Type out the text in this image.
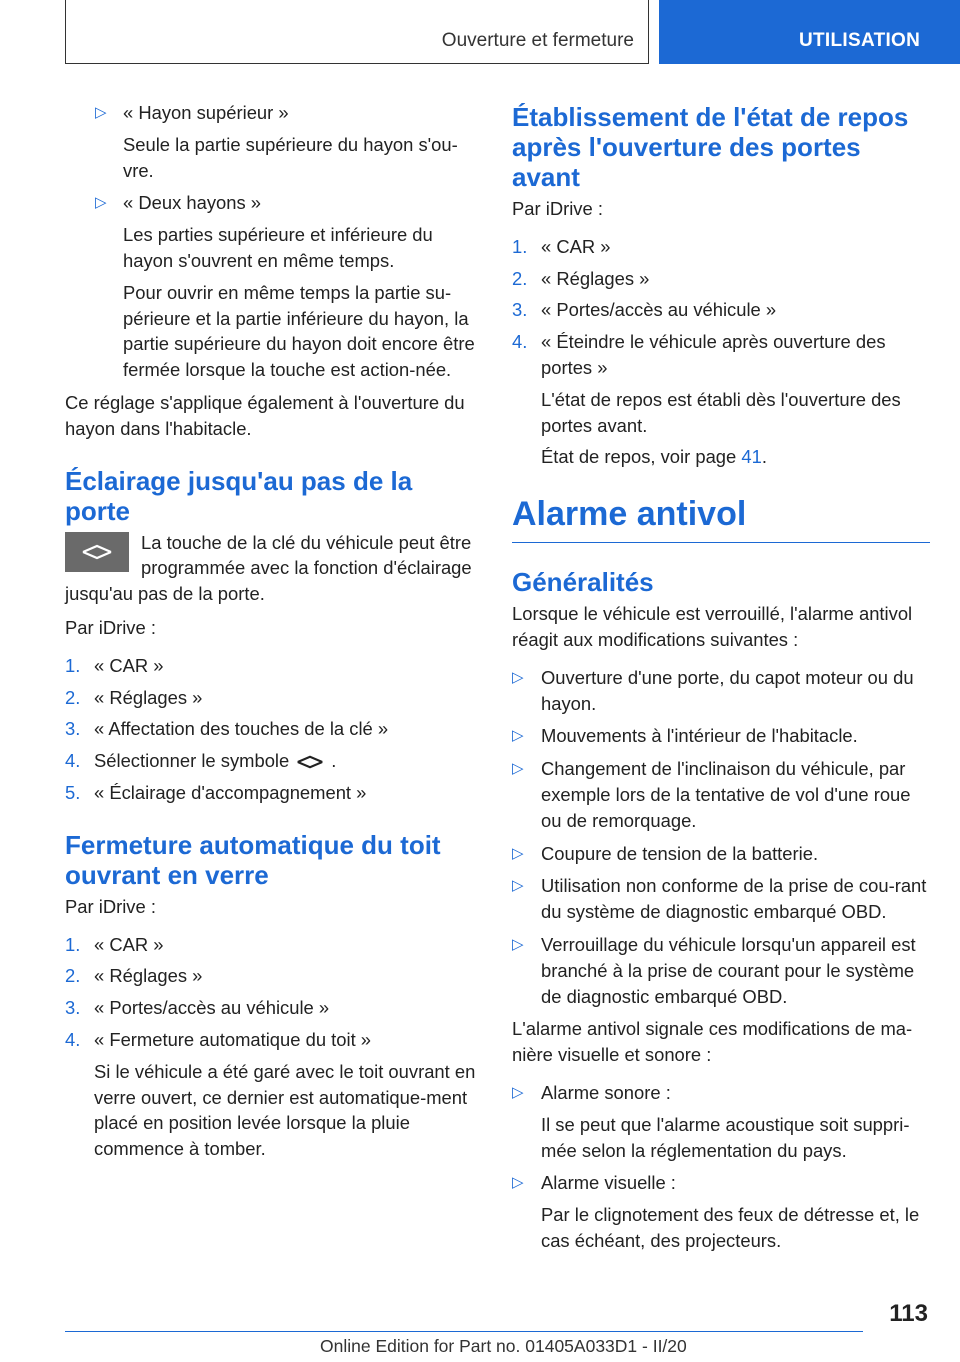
Ouverture et fermeture	UTILISATION
▷ « Hayon supérieur »

Seule la partie supérieure du hayon s'ou-vre.

▷ « Deux hayons »

Les parties supérieure et inférieure du hayon s'ouvrent en même temps.

Pour ouvrir en même temps la partie su-périeure et la partie inférieure du hayon, la partie supérieure du hayon doit encore être fermée lorsque la touche est action-née.

Ce réglage s'applique également à l'ouverture du hayon dans l'habitacle.

Éclairage jusqu'au pas de la porte

La touche de la clé du véhicule peut être programmée avec la fonction d'éclairage jusqu'au pas de la porte.

Par iDrive :

1. « CAR »

2. « Réglages »

3. « Affectation des touches de la clé »

4. Sélectionner le symbole .

5. « Éclairage d'accompagnement »

Fermeture automatique du toit ouvrant en verre

Par iDrive :

1. « CAR »

2. « Réglages »

3. « Portes/accès au véhicule »

4. « Fermeture automatique du toit »

Si le véhicule a été garé avec le toit ouvrant en verre ouvert, ce dernier est automatique-ment placé en position levée lorsque la pluie commence à tomber.

Établissement de l'état de repos après l'ouverture des portes avant

Par iDrive :

1. « CAR »

2. « Réglages »

3. « Portes/accès au véhicule »

4. « Éteindre le véhicule après ouverture des portes »

L'état de repos est établi dès l'ouverture des portes avant.

État de repos, voir page 41.

Alarme antivol
Généralités

Lorsque le véhicule est verrouillé, l'alarme antivol réagit aux modifications suivantes :

▷ Ouverture d'une porte, du capot moteur ou du hayon.

▷ Mouvements à l'intérieur de l'habitacle.

▷ Changement de l'inclinaison du véhicule, par exemple lors de la tentative de vol d'une roue ou de remorquage.

▷ Coupure de tension de la batterie.

▷ Utilisation non conforme de la prise de cou-rant du système de diagnostic embarqué OBD.

▷ Verrouillage du véhicule lorsqu'un appareil est branché à la prise de courant pour le système de diagnostic embarqué OBD.

L'alarme antivol signale ces modifications de ma-nière visuelle et sonore :

▷ Alarme sonore :

Il se peut que l'alarme acoustique soit suppri-mée selon la réglementation du pays.

▷ Alarme visuelle :

Par le clignotement des feux de détresse et, le cas échéant, des projecteurs.

113
Online Edition for Part no. 01405A033D1 - II/20
